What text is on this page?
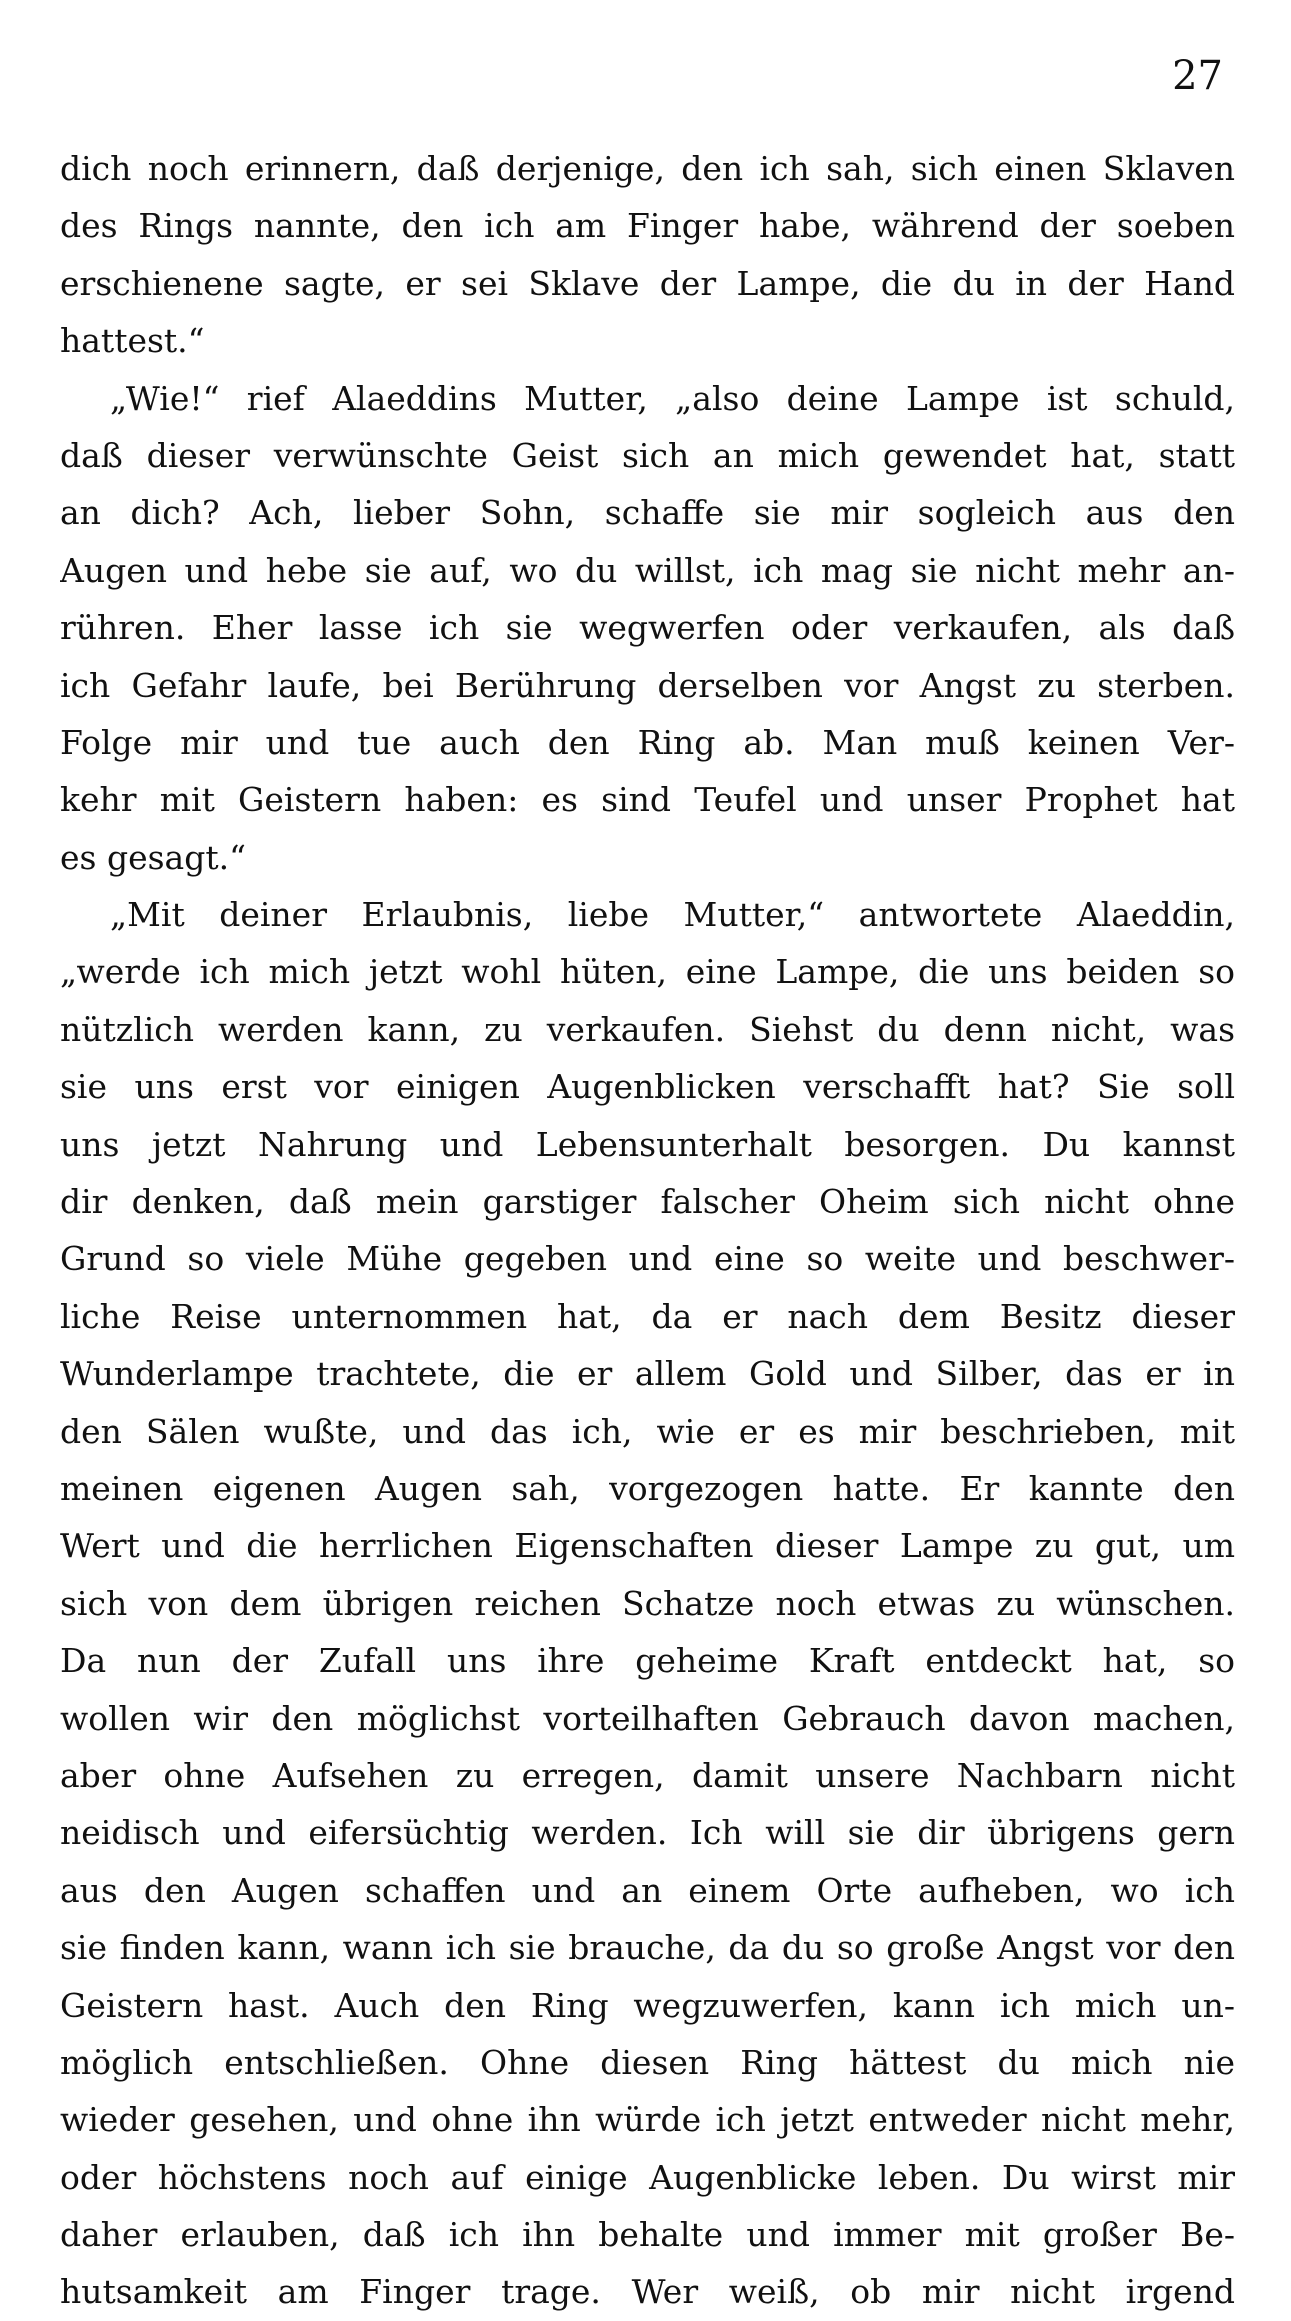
27
dich noch erinnern, daß derjenige, den ich sah, sich einen Sklaven
des Rings nannte, den ich am Finger habe, während der soeben
erschienene sagte, er sei Sklave der Lampe, die du in der Hand
hattest.“
„Wie!“ rief Alaeddins Mutter, „also deine Lampe ist schuld,
daß dieser verwünschte Geist sich an mich gewendet hat, statt
an dich? Ach, lieber Sohn, schaffe sie mir sogleich aus den
Augen und hebe sie auf, wo du willst, ich mag sie nicht mehr an-
rühren. Eher lasse ich sie wegwerfen oder verkaufen, als daß
ich Gefahr laufe, bei Berührung derselben vor Angst zu sterben.
Folge mir und tue auch den Ring ab. Man muß keinen Ver-
kehr mit Geistern haben: es sind Teufel und unser Prophet hat
es gesagt.“
„Mit deiner Erlaubnis, liebe Mutter,“ antwortete Alaeddin,
„werde ich mich jetzt wohl hüten, eine Lampe, die uns beiden so
nützlich werden kann, zu verkaufen. Siehst du denn nicht, was
sie uns erst vor einigen Augenblicken verschafft hat? Sie soll
uns jetzt Nahrung und Lebensunterhalt besorgen. Du kannst
dir denken, daß mein garstiger falscher Oheim sich nicht ohne
Grund so viele Mühe gegeben und eine so weite und beschwer-
liche Reise unternommen hat, da er nach dem Besitz dieser
Wunderlampe trachtete, die er allem Gold und Silber, das er in
den Sälen wußte, und das ich, wie er es mir beschrieben, mit
meinen eigenen Augen sah, vorgezogen hatte. Er kannte den
Wert und die herrlichen Eigenschaften dieser Lampe zu gut, um
sich von dem übrigen reichen Schatze noch etwas zu wünschen.
Da nun der Zufall uns ihre geheime Kraft entdeckt hat, so
wollen wir den möglichst vorteilhaften Gebrauch davon machen,
aber ohne Aufsehen zu erregen, damit unsere Nachbarn nicht
neidisch und eifersüchtig werden. Ich will sie dir übrigens gern
aus den Augen schaffen und an einem Orte aufheben, wo ich
sie finden kann, wann ich sie brauche, da du so große Angst vor den
Geistern hast. Auch den Ring wegzuwerfen, kann ich mich un-
möglich entschließen. Ohne diesen Ring hättest du mich nie
wieder gesehen, und ohne ihn würde ich jetzt entweder nicht mehr,
oder höchstens noch auf einige Augenblicke leben. Du wirst mir
daher erlauben, daß ich ihn behalte und immer mit großer Be-
hutsamkeit am Finger trage. Wer weiß, ob mir nicht irgend
